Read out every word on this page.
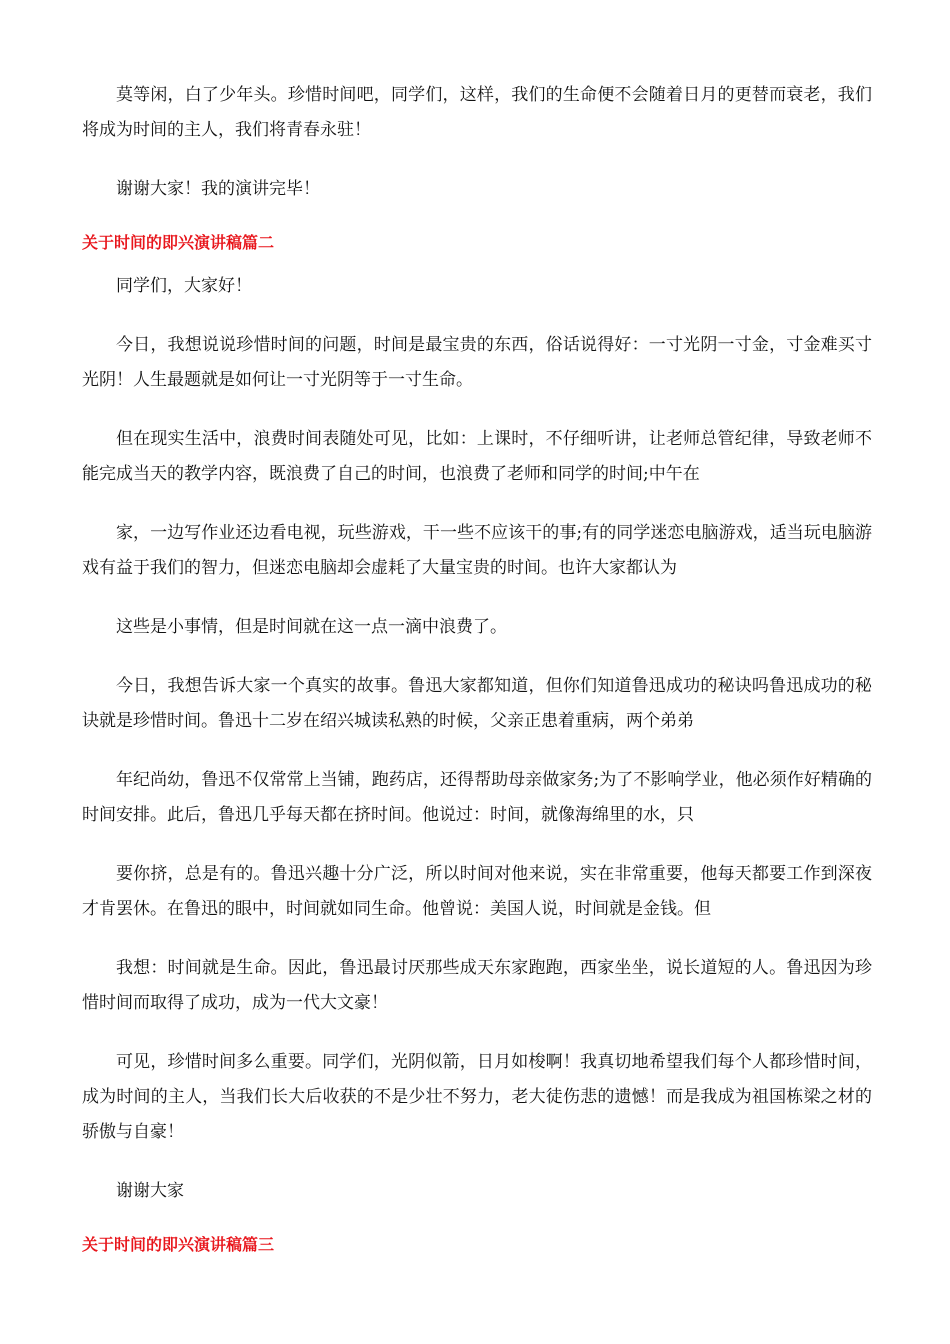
莫等闲，白了少年头。珍惜时间吧，同学们，这样，我们的生命便不会随着日月的更替而衰老，我们将成为时间的主人，我们将青春永驻！

谢谢大家！我的演讲完毕！

关于时间的即兴演讲稿篇二

同学们，大家好！

今日，我想说说珍惜时间的问题，时间是最宝贵的东西，俗话说得好：一寸光阴一寸金，寸金难买寸光阴！人生最题就是如何让一寸光阴等于一寸生命。

但在现实生活中，浪费时间表随处可见，比如：上课时，不仔细听讲，让老师总管纪律，导致老师不能完成当天的教学内容，既浪费了自己的时间，也浪费了老师和同学的时间;中午在

家，一边写作业还边看电视，玩些游戏，干一些不应该干的事;有的同学迷恋电脑游戏，适当玩电脑游戏有益于我们的智力，但迷恋电脑却会虚耗了大量宝贵的时间。也许大家都认为

这些是小事情，但是时间就在这一点一滴中浪费了。

今日，我想告诉大家一个真实的故事。鲁迅大家都知道，但你们知道鲁迅成功的秘诀吗鲁迅成功的秘诀就是珍惜时间。鲁迅十二岁在绍兴城读私熟的时候，父亲正患着重病，两个弟弟

年纪尚幼，鲁迅不仅常常上当铺，跑药店，还得帮助母亲做家务;为了不影响学业，他必须作好精确的时间安排。此后，鲁迅几乎每天都在挤时间。他说过：时间，就像海绵里的水，只

要你挤，总是有的。鲁迅兴趣十分广泛，所以时间对他来说，实在非常重要，他每天都要工作到深夜才肯罢休。在鲁迅的眼中，时间就如同生命。他曾说：美国人说，时间就是金钱。但

我想：时间就是生命。因此，鲁迅最讨厌那些成天东家跑跑，西家坐坐，说长道短的人。鲁迅因为珍惜时间而取得了成功，成为一代大文豪！

可见，珍惜时间多么重要。同学们，光阴似箭，日月如梭啊！我真切地希望我们每个人都珍惜时间，成为时间的主人，当我们长大后收获的不是少壮不努力，老大徒伤悲的遗憾！而是我成为祖国栋梁之材的骄傲与自豪！

谢谢大家

关于时间的即兴演讲稿篇三
